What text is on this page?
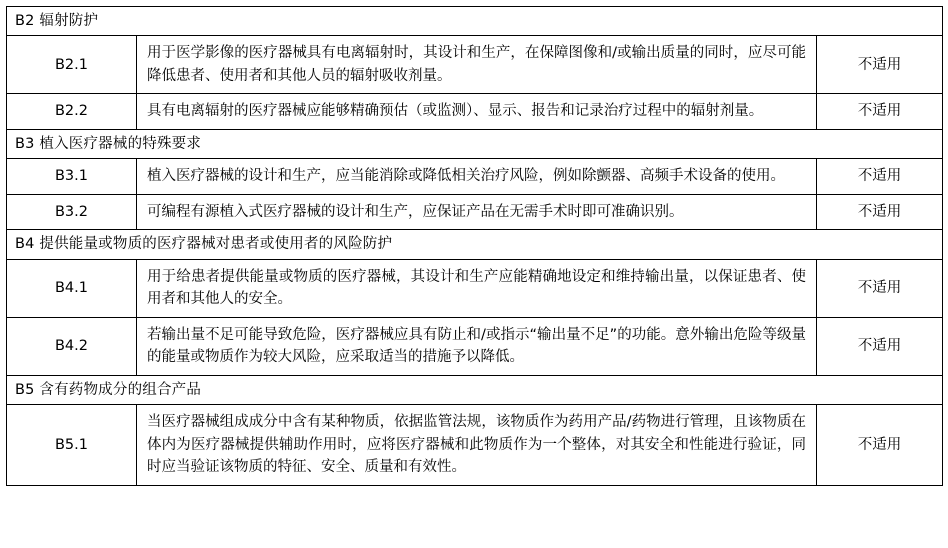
B2 辐射防护		
B2.1	用于医学影像的医疗器械具有电离辐射时，其设计和生产，在保障图像和/或输出质量的同时，应尽可能降低患者、使用者和其他人员的辐射吸收剂量。	不适用
B2.2	具有电离辐射的医疗器械应能够精确预估（或监测）、显示、报告和记录治疗过程中的辐射剂量。	不适用
B3 植入医疗器械的特殊要求		
B3.1	植入医疗器械的设计和生产，应当能消除或降低相关治疗风险，例如除颤器、高频手术设备的使用。	不适用
B3.2	可编程有源植入式医疗器械的设计和生产，应保证产品在无需手术时即可准确识别。	不适用
B4 提供能量或物质的医疗器械对患者或使用者的风险防护		
B4.1	用于给患者提供能量或物质的医疗器械，其设计和生产应能精确地设定和维持输出量，以保证患者、使用者和其他人的安全。	不适用
B4.2	若输出量不足可能导致危险，医疗器械应具有防止和/或指示“输出量不足”的功能。意外输出危险等级量的能量或物质作为较大风险，应采取适当的措施予以降低。	不适用
B5 含有药物成分的组合产品		
B5.1	当医疗器械组成成分中含有某种物质，依据监管法规，该物质作为药用产品/药物进行管理，且该物质在体内为医疗器械提供辅助作用时，应将医疗器械和此物质作为一个整体，对其安全和性能进行验证，同时应当验证该物质的特征、安全、质量和有效性。	不适用
